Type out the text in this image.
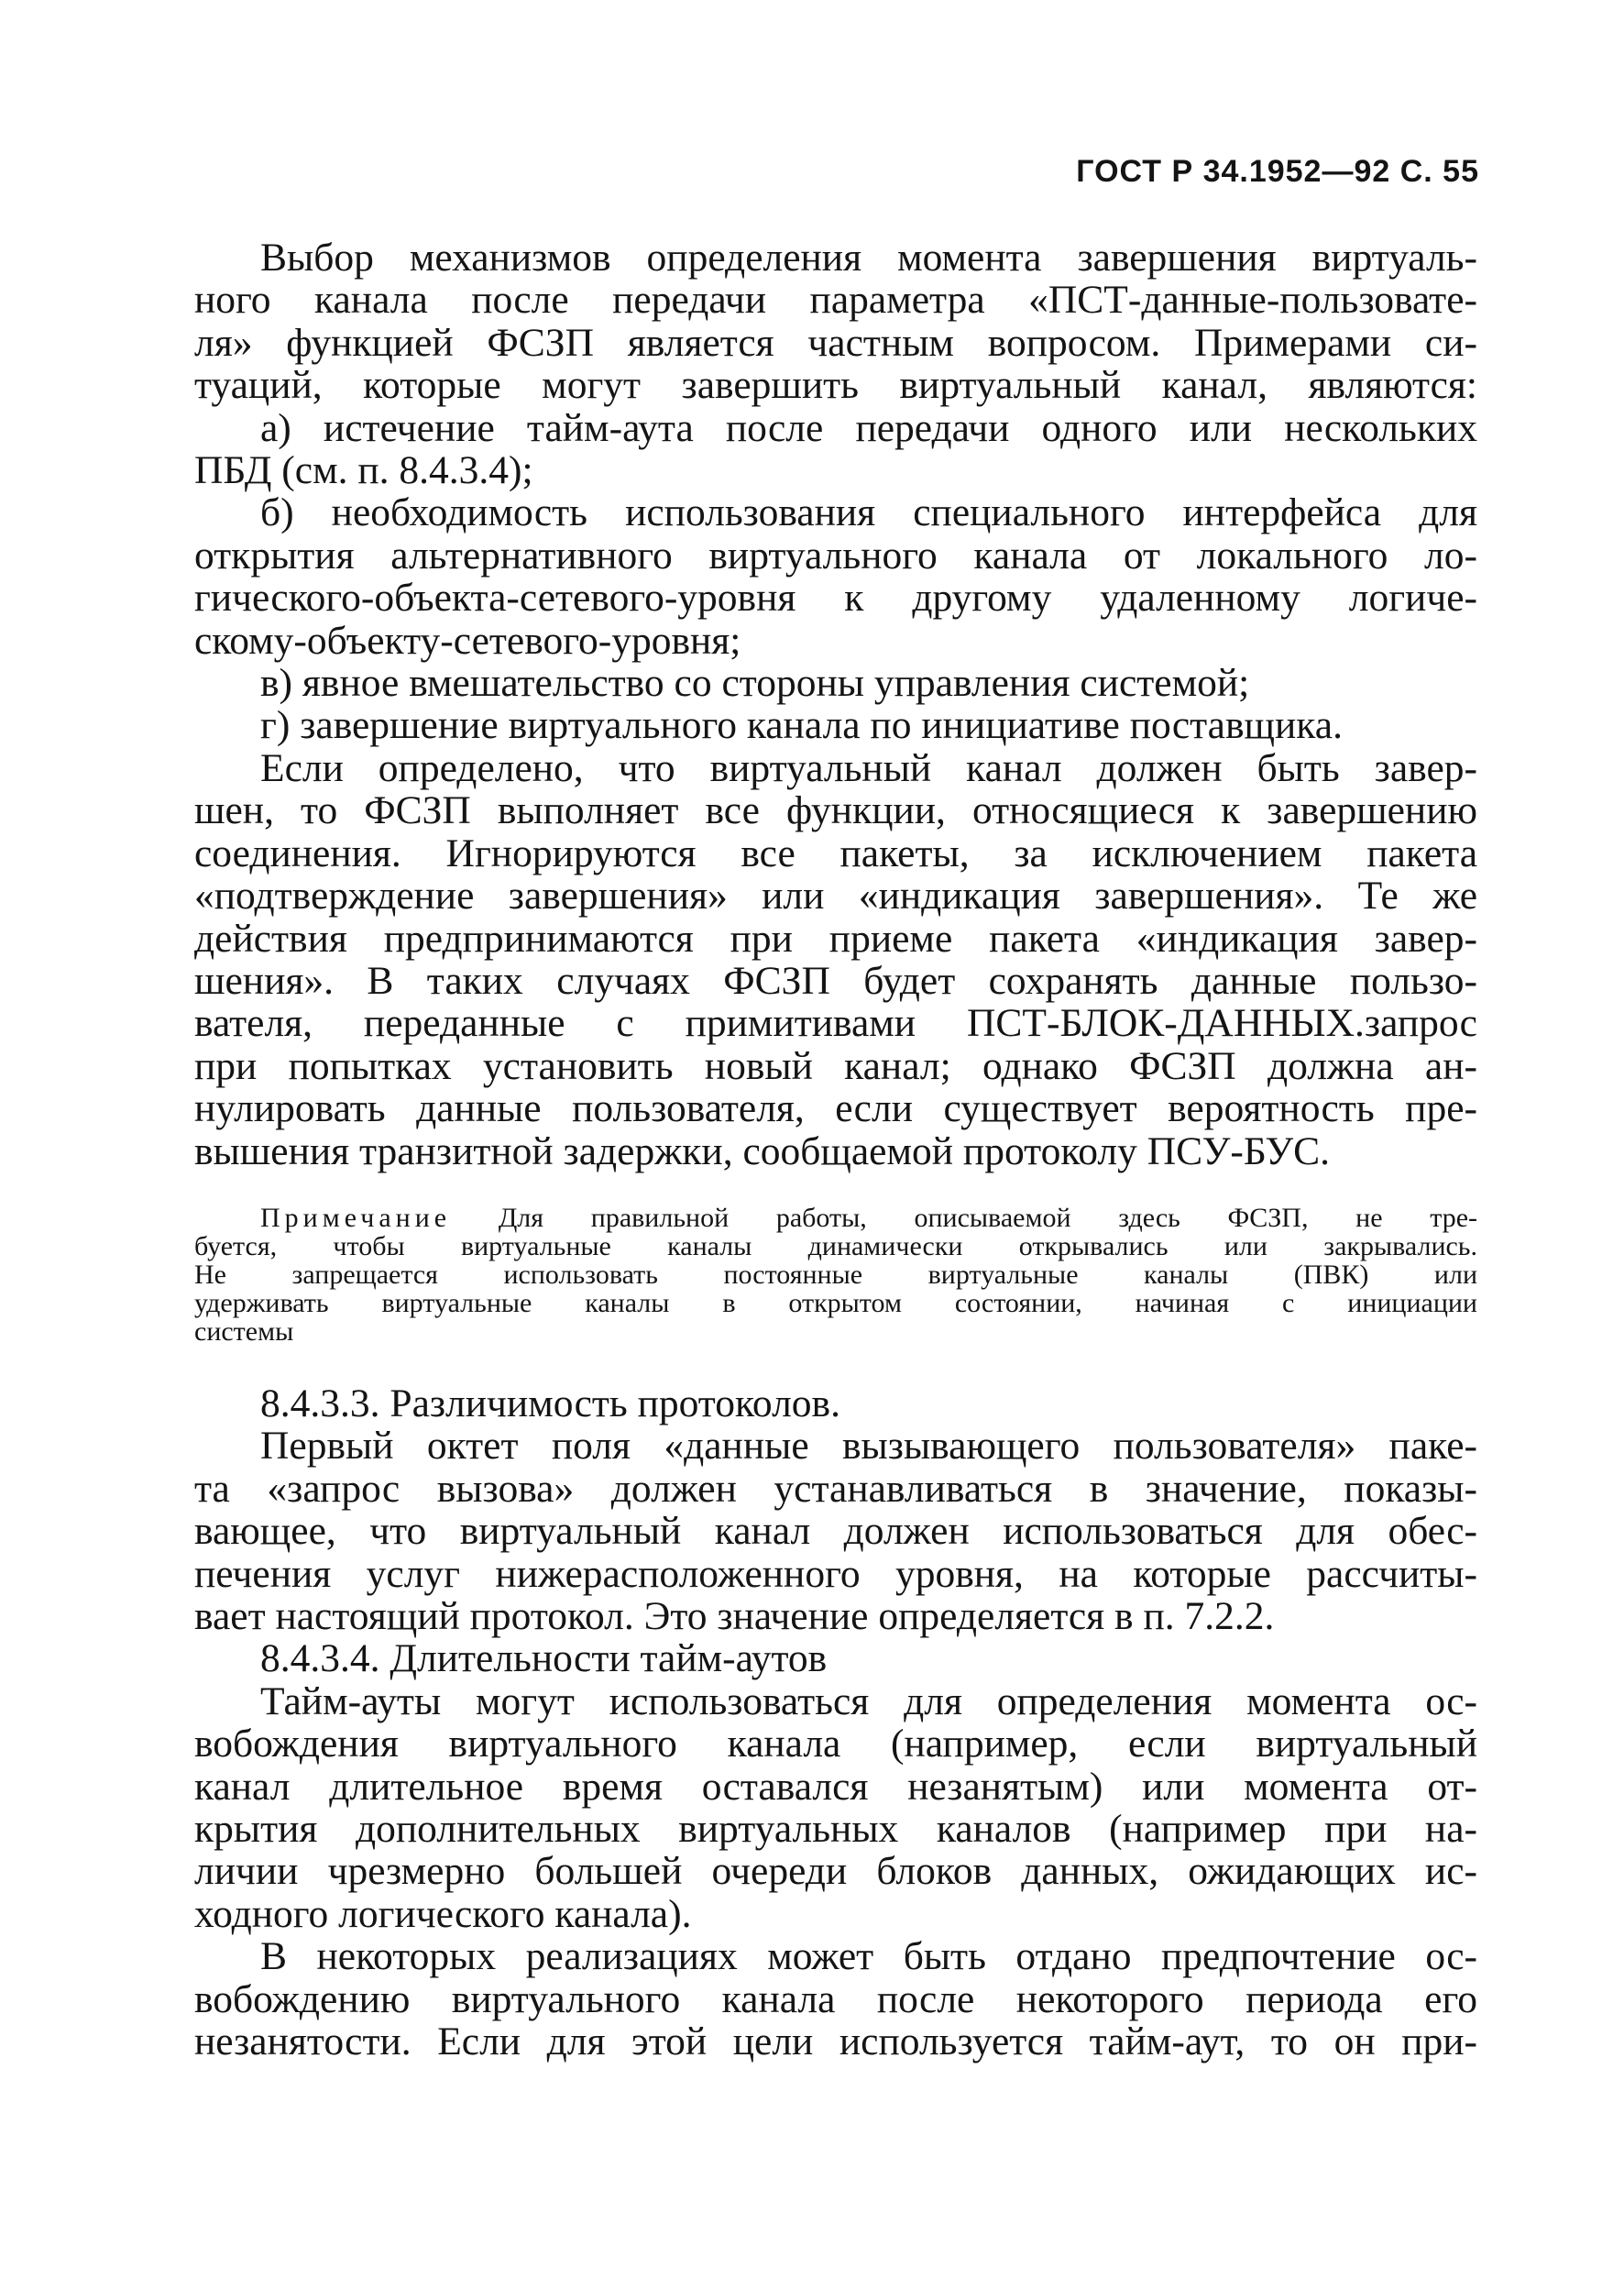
ГОСТ Р 34.1952—92 С. 55
Выбор механизмов определения момента завершения виртуаль-
ного канала после передачи параметра «ПСТ-данные-пользовате-
ля» функцией ФСЗП является частным вопросом. Примерами си-
туаций, которые могут завершить виртуальный канал, являются:
а) истечение тайм-аута после передачи одного или нескольких
ПБД (см. п. 8.4.3.4);
б) необходимость использования специального интерфейса для
открытия альтернативного виртуального канала от локального ло-
гического-объекта-сетевого-уровня к другому удаленному логиче-
скому-объекту-сетевого-уровня;
в) явное вмешательство со стороны управления системой;
г) завершение виртуального канала по инициативе поставщика.
Если определено, что виртуальный канал должен быть завер-
шен, то ФСЗП выполняет все функции, относящиеся к завершению
соединения. Игнорируются все пакеты, за исключением пакета
«подтверждение завершения» или «индикация завершения». Те же
действия предпринимаются при приеме пакета «индикация завер-
шения». В таких случаях ФСЗП будет сохранять данные пользо-
вателя, переданные с примитивами ПСТ-БЛОК-ДАННЫХ.запрос
при попытках установить новый канал; однако ФСЗП должна ан-
нулировать данные пользователя, если существует вероятность пре-
вышения транзитной задержки, сообщаемой протоколу ПСУ-БУС.
Примечание Для правильной работы, описываемой здесь ФСЗП, не тре-
буется, чтобы виртуальные каналы динамически открывались или закрывались.
Не запрещается использовать постоянные виртуальные каналы (ПВК) или
удерживать виртуальные каналы в открытом состоянии, начиная с инициации
системы
8.4.3.3. Различимость протоколов.
Первый октет поля «данные вызывающего пользователя» паке-
та «запрос вызова» должен устанавливаться в значение, показы-
вающее, что виртуальный канал должен использоваться для обес-
печения услуг нижерасположенного уровня, на которые рассчиты-
вает настоящий протокол. Это значение определяется в п. 7.2.2.
8.4.3.4. Длительности тайм-аутов
Тайм-ауты могут использоваться для определения момента ос-
вобождения виртуального канала (например, если виртуальный
канал длительное время оставался незанятым) или момента от-
крытия дополнительных виртуальных каналов (например при на-
личии чрезмерно большей очереди блоков данных, ожидающих ис-
ходного логического канала).
В некоторых реализациях может быть отдано предпочтение ос-
вобождению виртуального канала после некоторого периода его
незанятости. Если для этой цели используется тайм-аут, то он при-
